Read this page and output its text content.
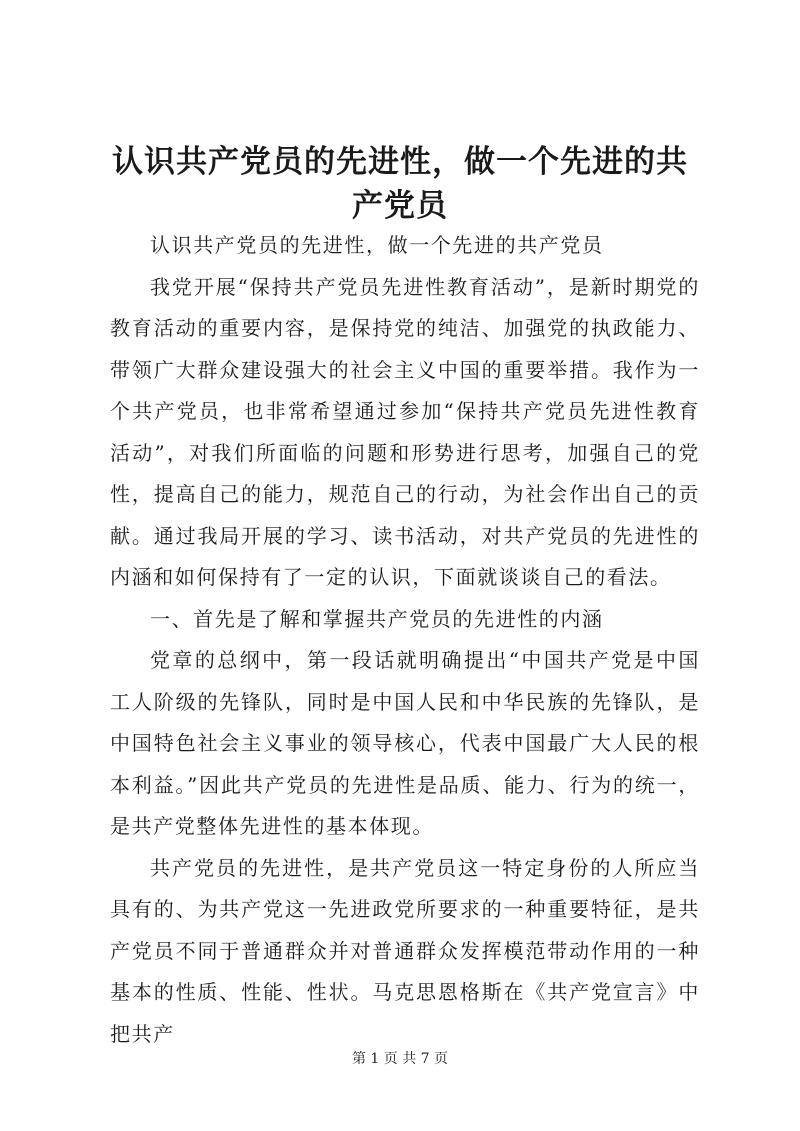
认识共产党员的先进性，做一个先进的共产党员

认识共产党员的先进性，做一个先进的共产党员

我党开展“保持共产党员先进性教育活动”，是新时期党的教育活动的重要内容，是保持党的纯洁、加强党的执政能力、带领广大群众建设强大的社会主义中国的重要举措。我作为一个共产党员，也非常希望通过参加“保持共产党员先进性教育活动”，对我们所面临的问题和形势进行思考，加强自己的党性，提高自己的能力，规范自己的行动，为社会作出自己的贡献。通过我局开展的学习、读书活动，对共产党员的先进性的内涵和如何保持有了一定的认识，下面就谈谈自己的看法。

一、首先是了解和掌握共产党员的先进性的内涵

党章的总纲中，第一段话就明确提出“中国共产党是中国工人阶级的先锋队，同时是中国人民和中华民族的先锋队，是中国特色社会主义事业的领导核心，代表中国最广大人民的根本利益。”因此共产党员的先进性是品质、能力、行为的统一，是共产党整体先进性的基本体现。

共产党员的先进性，是共产党员这一特定身份的人所应当具有的、为共产党这一先进政党所要求的一种重要特征，是共产党员不同于普通群众并对普通群众发挥模范带动作用的一种基本的性质、性能、性状。马克思恩格斯在《共产党宣言》中把共产

第 1 页 共 7 页
